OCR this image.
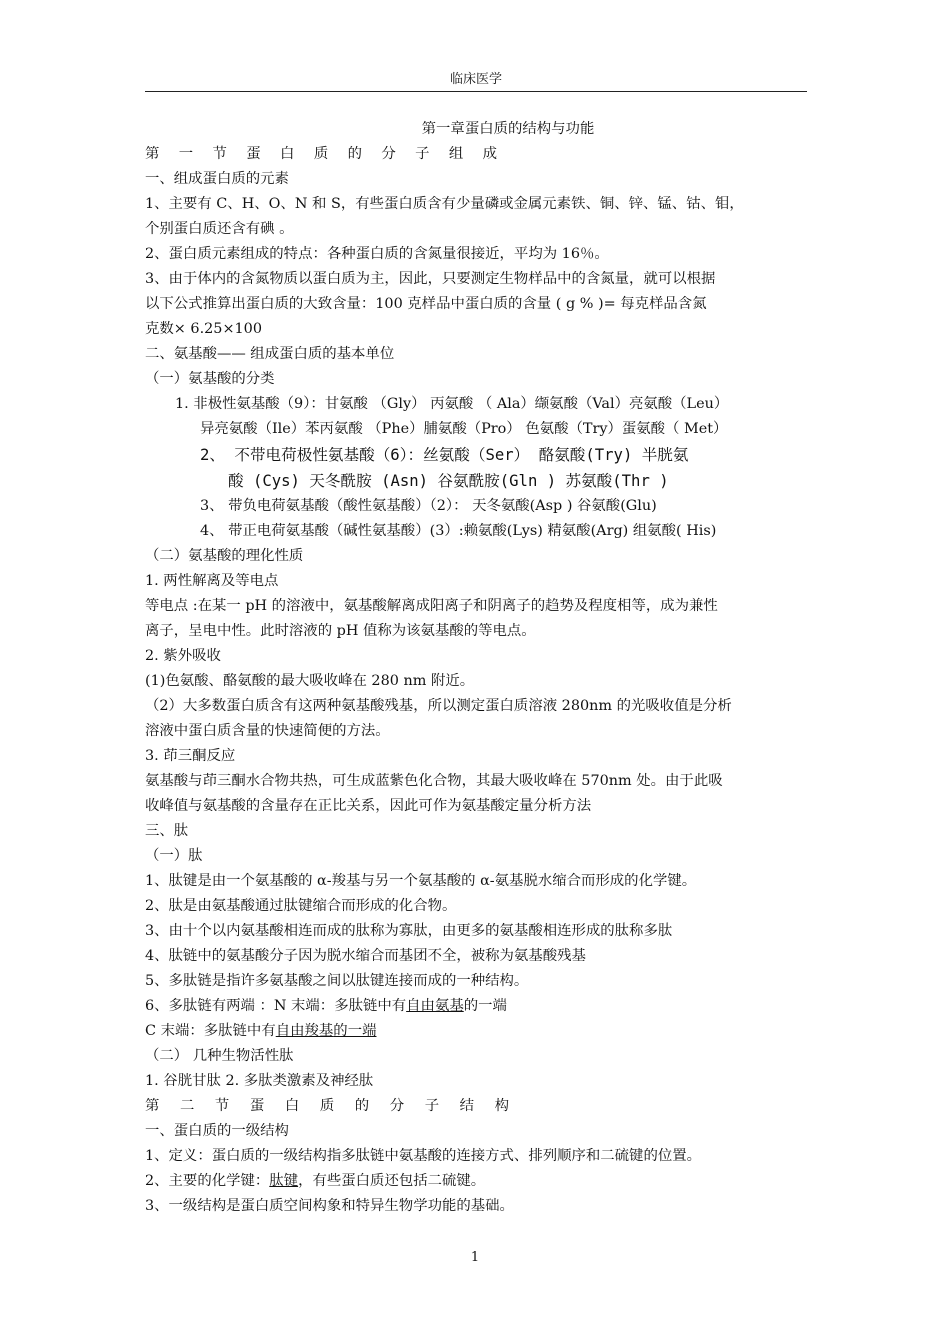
临床医学

第一章蛋白质的结构与功能

第 一 节 蛋 白 质 的 分 子 组 成

一、组成蛋白质的元素

1、主要有 C、H、O、N 和 S，有些蛋白质含有少量磷或金属元素铁、铜、锌、锰、钴、钼，

个别蛋白质还含有碘 。

2、蛋白质元素组成的特点：各种蛋白质的含氮量很接近，平均为 16％。

3、由于体内的含氮物质以蛋白质为主，因此，只要测定生物样品中的含氮量，就可以根据

以下公式推算出蛋白质的大致含量：100 克样品中蛋白质的含量 ( g % )= 每克样品含氮

克数× 6.25×100

二、氨基酸—— 组成蛋白质的基本单位

（一）氨基酸的分类

1. 非极性氨基酸（9）：甘氨酸 （Gly） 丙氨酸 （ Ala）缬氨酸（Val）亮氨酸（Leu）

异亮氨酸（Ile）苯丙氨酸 （Phe）脯氨酸（Pro） 色氨酸（Try）蛋氨酸（ Met）

2、 不带电荷极性氨基酸（6）：丝氨酸（Ser） 酪氨酸(Try) 半胱氨

酸 (Cys) 天冬酰胺 (Asn) 谷氨酰胺(Gln ) 苏氨酸(Thr )

3、 带负电荷氨基酸（酸性氨基酸）（2）： 天冬氨酸(Asp ) 谷氨酸(Glu)

4、 带正电荷氨基酸（碱性氨基酸）(3）:赖氨酸(Lys) 精氨酸(Arg) 组氨酸( His)

（二）氨基酸的理化性质

1. 两性解离及等电点

等电点 :在某一 pH 的溶液中，氨基酸解离成阳离子和阴离子的趋势及程度相等，成为兼性

离子，呈电中性。此时溶液的 pH 值称为该氨基酸的等电点。

2. 紫外吸收

(1)色氨酸、酪氨酸的最大吸收峰在 280 nm 附近。

（2）大多数蛋白质含有这两种氨基酸残基，所以测定蛋白质溶液 280nm 的光吸收值是分析

溶液中蛋白质含量的快速简便的方法。

3. 茚三酮反应

氨基酸与茚三酮水合物共热，可生成蓝紫色化合物，其最大吸收峰在 570nm 处。由于此吸

收峰值与氨基酸的含量存在正比关系，因此可作为氨基酸定量分析方法

三、肽

（一）肽

1、肽键是由一个氨基酸的 α-羧基与另一个氨基酸的 α-氨基脱水缩合而形成的化学键。

2、肽是由氨基酸通过肽键缩合而形成的化合物。

3、由十个以内氨基酸相连而成的肽称为寡肽，由更多的氨基酸相连形成的肽称多肽

4、肽链中的氨基酸分子因为脱水缩合而基团不全，被称为氨基酸残基

5、多肽链是指许多氨基酸之间以肽键连接而成的一种结构。

6、多肽链有两端 ：N 末端：多肽链中有自由氨基的一端

C 末端：多肽链中有自由羧基的一端

（二） 几种生物活性肽

1. 谷胱甘肽 2. 多肽类激素及神经肽

第 二 节 蛋 白 质 的 分 子 结 构

一、蛋白质的一级结构

1、定义：蛋白质的一级结构指多肽链中氨基酸的连接方式、排列顺序和二硫键的位置。

2、主要的化学键：肽键，有些蛋白质还包括二硫键。

3、一级结构是蛋白质空间构象和特异生物学功能的基础。

1
